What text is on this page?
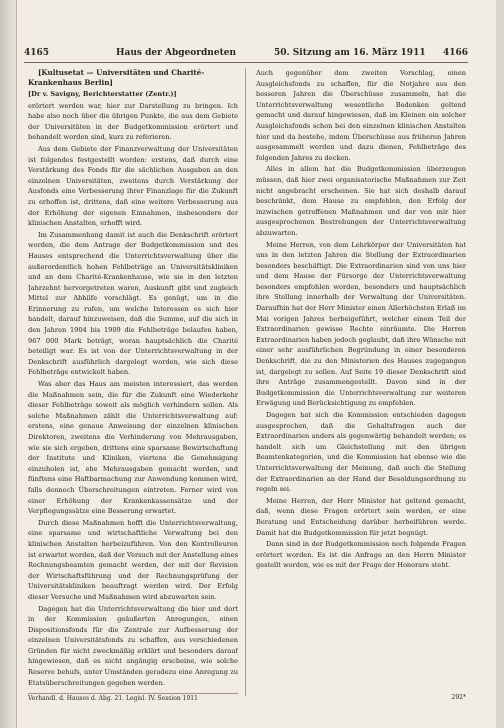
4165	Haus der Abgeordneten	50. Sitzung am 16. März 1911 4166

[Kultusetat — Universitäten und Charité-Krankenhaus Berlin]

[Dr v. Savigny, Berichterstatter (Zentr.)]

erörtert werden war, hier zur Darstellung zu bringen. Ich habe also noch über die übrigen Punkte, die aus dem Gebiete der Universitäten in der Budgetkommission erörtert und behandelt worden sind, kurz zu referieren.

Aus dem Gebiete der Finanzverwaltung der Universitäten ist folgendes festgestellt worden: erstens, daß durch eine Verstärkung des Fonds für die sächlichen Ausgaben an den einzelnen Universitäten, zweitens durch Verstärkung der Ausfonds eine Verbesserung ihrer Finanzlage für die Zukunft zu erhoffen ist, drittens, daß eine weitere Verbesserung aus der Erhöhung der eigenen Einnahmen, insbesondere der klinischen Anstalten, erhofft wird.

Im Zusammenhang damit ist auch die Denkschrift erörtert worden, die dem Antrage der Budgetkommission und des Hauses entsprechend die Unterrichtsverwaltung über die außerordentlich hohen Fehlbeträge an Universitätskliniken und an dem Charité-Krankenhause, wie sie in den letzten Jahrzehnt hervorgetreten waren, Auskunft gibt und zugleich Mittel zur Abhilfe vorschlägt. Es genügt, um in die Erinnerung zu rufen, um welche Interessen es sich hier handelt, darauf hinzuweisen, daß die Summe, auf die sich in den Jahren 1904 bis 1909 die Fehlbeträge belaufen haben, 967 000 Mark beträgt, woran hauptsächlich die Charité beteiligt war. Es ist von der Unterrichtsverwaltung in der Denkschrift ausführlich dargelegt worden, wie sich diese Fehlbeträge entwickelt haben.

Was aber das Haus am meisten interessiert, das werden die Maßnahmen sein, die für die Zukunft eine Wiederkehr dieser Fehlbeträge soweit als möglich verhindern sollen. Als solche Maßnahmen zählt die Unterrichtsverwaltung auf: erstens, eine genaue Anweisung der einzelnen klinischen Direktoren, zweitens die Verhinderung von Mehrausgaben, wie sie sich ergeben, drittens eine sparsame Bewirtschaftung der Institute und Kliniken, viertens die Genehmigung einzuholen ist, ehe Mehrausgaben gemacht werden, und fünftens eine Haftbarmachung zur Anwendung kommen wird, falls dennoch Überschreitungen eintreten. Ferner wird von einer Erhöhung der Krankenkassensätze und der Verpflegungssätze eine Besserung erwartet.

Durch diese Maßnahmen hofft die Unterrichtsverwaltung, eine sparsame und wirtschaftliche Verwaltung bei den klinischen Anstalten herbeizuführen. Von den Kontrolleuren ist erwartet worden, daß der Versuch mit der Anstellung eines Rechnungsbeamten gemacht werden, der mit der Revision der Wirtschaftsführung und der Rechnungsprüfung der Universitätskliniken beauftragt werden wird. Der Erfolg dieser Versuche und Maßnahmen wird abzuwarten sein.

Dagegen hat die Unterrichtsverwaltung die hier und dort in der Kommission geäußerten Anregungen, einen Dispositionsfonds für die Zentrale zur Aufbesserung der einzelnen Universitätsfonds zu schaffen, aus verschiedenen Gründen für nicht zweckmäßig erklärt und besonders darauf hingewiesen, daß es nicht angängig erscheine, wie solche Reserve behufs, unter Umständen geradezu eine Anregung zu Etatsüberschreitungen gegeben werden.

Auch gegenüber dem zweiten Vorschlag, einen Ausgleichsfonds zu schaffen, für die Notjahre aus den besseren Jahren die Überschüsse zusammeln, hat die Unterrichtsverwaltung wesentliche Bedenken geltend gemacht und darauf hingewiesen, daß im Kleinen ein solcher Ausgleichsfonds schon bei den einzelnen klinischen Anstalten hier und da bestehe, indem Überschüsse aus früheren Jahren ausgesammelt werden und dazu dienen, Fehlbeträge des folgenden Jahres zu decken.

Alles in allem hat die Budgetkommission überzeugen müssen, daß hier zwei organisatorische Maßnahmen zur Zeit nicht angebracht erscheinen. Sie hat sich deshalb darauf beschränkt, dem Hause zu empfehlen, den Erfolg der inzwischen getroffenen Maßnahmen und der von mir hier ausgesprochenen Bestrebungen der Unterrichtsverwaltung abzuwarten.

Meine Herren, von dem Lehrkörper der Universitäten hat uns in den letzten Jahren die Stellung der Extraordinarien besonders beschäftigt. Die Extraordinarien sind von uns hier und dem Hause der Fürsorge der Unterrichtsverwaltung besonders empfohlen worden, besonders und hauptsächlich ihre Stellung innerhalb der Verwaltung der Universitäten. Daraufhin hat der Herr Minister einen Allerhöchsten Erlaß im Mai vorigen Jahres herbeigeführt, welcher einem Teil der Extraordinarien gewisse Rechte einräumte. Die Herren Extraordinarien haben jedoch geglaubt, daß ihre Wünsche mit einer sehr ausführlichen Begründung in einer besonderen Denkschrift, die zu den Ministerien des Hauses zugegangen ist, dargelegt zu sollen. Auf Seite 19 dieser Denkschrift sind ihre Anträge zusammengestellt. Davon sind in der Budgetkommission die Unterrichtsverwaltung zur weiteren Erwägung und Berücksichtigung zu empfehlen.

Dagegen hat sich die Kommission entschieden dagegen ausgesprochen, daß die Gehaltsfragen auch der Extraordinarien anders als gegenwärtig behandelt werden; es handelt sich um Gleichstellung mit den übrigen Beamtenkategorien, und die Kommission hat ebenso wie die Unterrichtsverwaltung der Meinung, daß auch die Stellung der Extraordinarien an der Hand der Besoldungsordnung zu regeln sei.

Meine Herren, der Herr Minister hat geltend gemacht, daß, wenn diese Fragen erörtert sein werden, er eine Beratung und Entscheidung darüber herbeiführen werde. Damit hat die Budgetkommission für jetzt begnügt.

Dann sind in der Budgetkommission noch folgende Fragen erörtert worden. Es ist die Anfrage an den Herrn Minister gestellt worden, wie es mit der Frage der Honorare steht.

Verhandl. d. Hauses d. Abg. 21. Legisl. IV. Session 1911	292*
